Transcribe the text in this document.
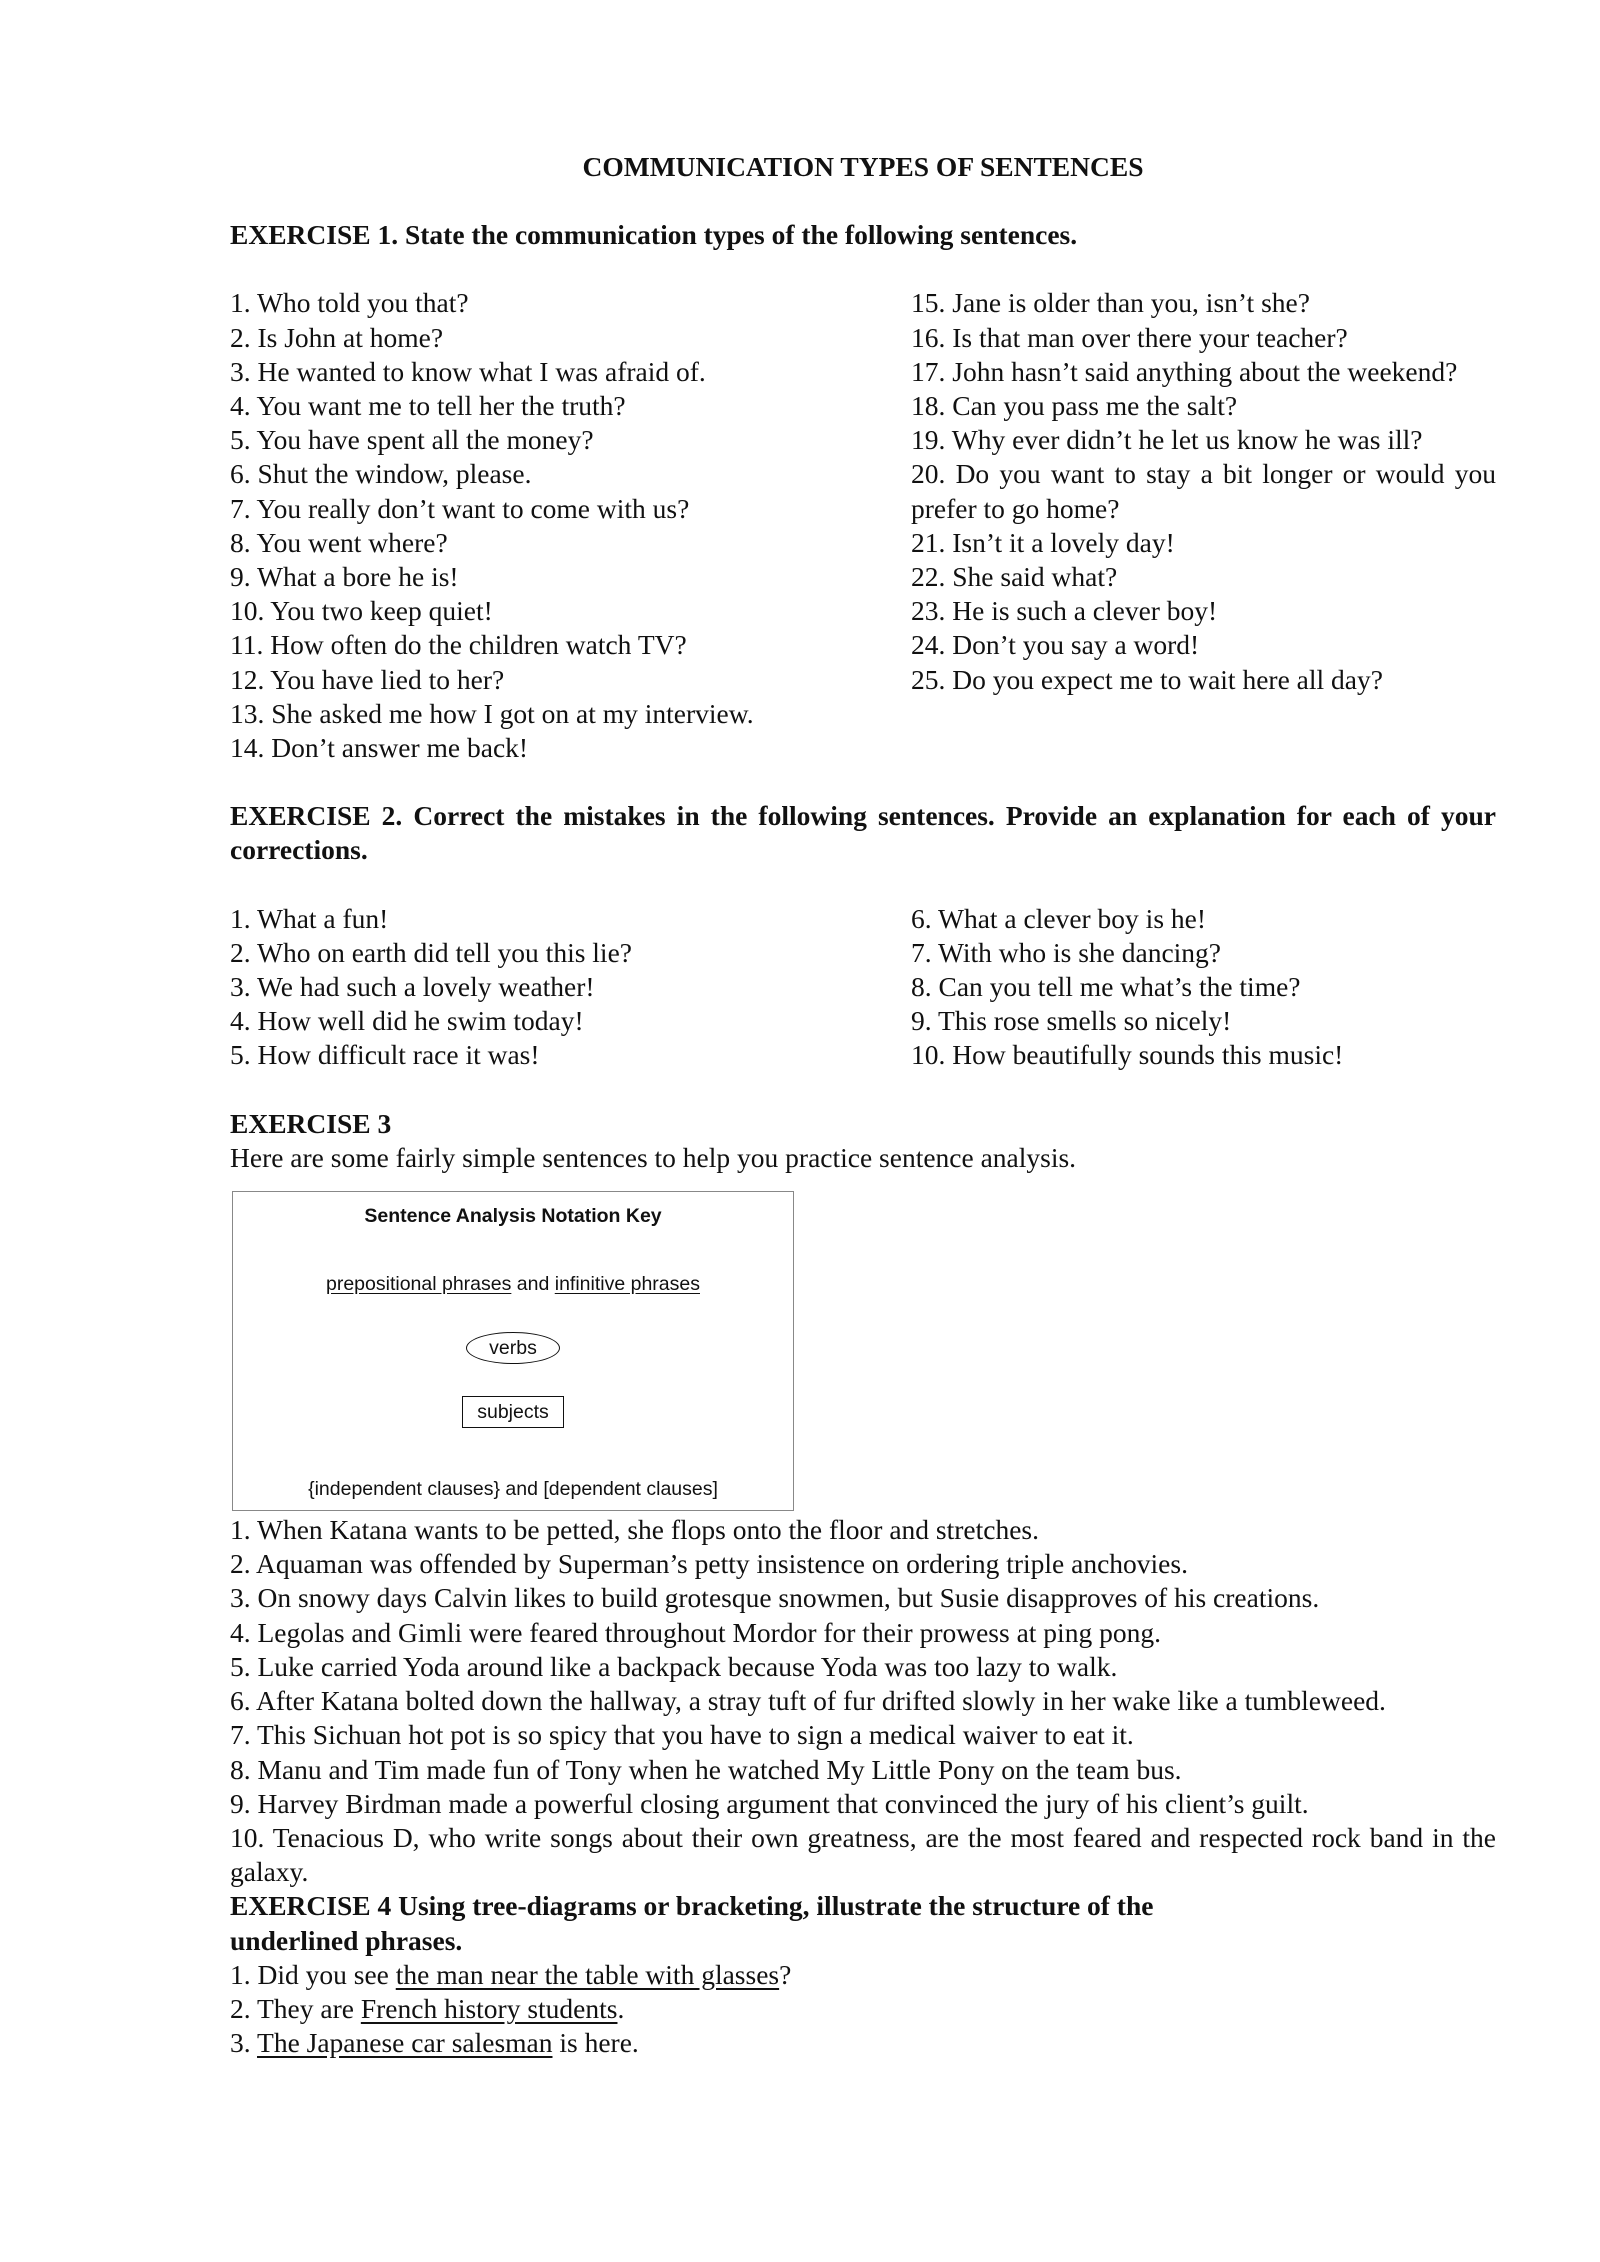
COMMUNICATION TYPES OF SENTENCES

EXERCISE 1. State the communication types of the following sentences.

1. Who told you that?

2. Is John at home?

3. He wanted to know what I was afraid of.

4. You want me to tell her the truth?

5. You have spent all the money?

6. Shut the window, please.

7. You really don’t want to come with us?

8. You went where?

9. What a bore he is!

10. You two keep quiet!

11. How often do the children watch TV?

12. You have lied to her?

13. She asked me how I got on at my interview.

14. Don’t answer me back!

15. Jane is older than you, isn’t she?

16. Is that man over there your teacher?

17. John hasn’t said anything about the weekend?

18. Can you pass me the salt?

19. Why ever didn’t he let us know he was ill?

20. Do you want to stay a bit longer or would you prefer to go home?

21. Isn’t it a lovely day!

22. She said what?

23. He is such a clever boy!

24. Don’t you say a word!

25. Do you expect me to wait here all day?

EXERCISE 2. Correct the mistakes in the following sentences. Provide an explanation for each of your corrections.

1. What a fun!

2. Who on earth did tell you this lie?

3. We had such a lovely weather!

4. How well did he swim today!

5. How difficult race it was!

6. What a clever boy is he!

7. With who is she dancing?

8. Can you tell me what’s the time?

9. This rose smells so nicely!

10. How beautifully sounds this music!

EXERCISE 3

Here are some fairly simple sentences to help you practice sentence analysis.

Sentence Analysis Notation Key
prepositional phrases and infinitive phrases
verbs
subjects
{independent clauses} and [dependent clauses]

1. When Katana wants to be petted, she flops onto the floor and stretches.

2. Aquaman was offended by Superman’s petty insistence on ordering triple anchovies.

3. On snowy days Calvin likes to build grotesque snowmen, but Susie disapproves of his creations.

4. Legolas and Gimli were feared throughout Mordor for their prowess at ping pong.

5. Luke carried Yoda around like a backpack because Yoda was too lazy to walk.

6. After Katana bolted down the hallway, a stray tuft of fur drifted slowly in her wake like a tumbleweed.

7. This Sichuan hot pot is so spicy that you have to sign a medical waiver to eat it.

8. Manu and Tim made fun of Tony when he watched My Little Pony on the team bus.

9. Harvey Birdman made a powerful closing argument that convinced the jury of his client’s guilt.

10. Tenacious D, who write songs about their own greatness, are the most feared and respected rock band in the galaxy.

EXERCISE 4 Using tree-diagrams or bracketing, illustrate the structure of the

underlined phrases.

1. Did you see the man near the table with glasses?

2. They are French history students.

3. The Japanese car salesman is here.
